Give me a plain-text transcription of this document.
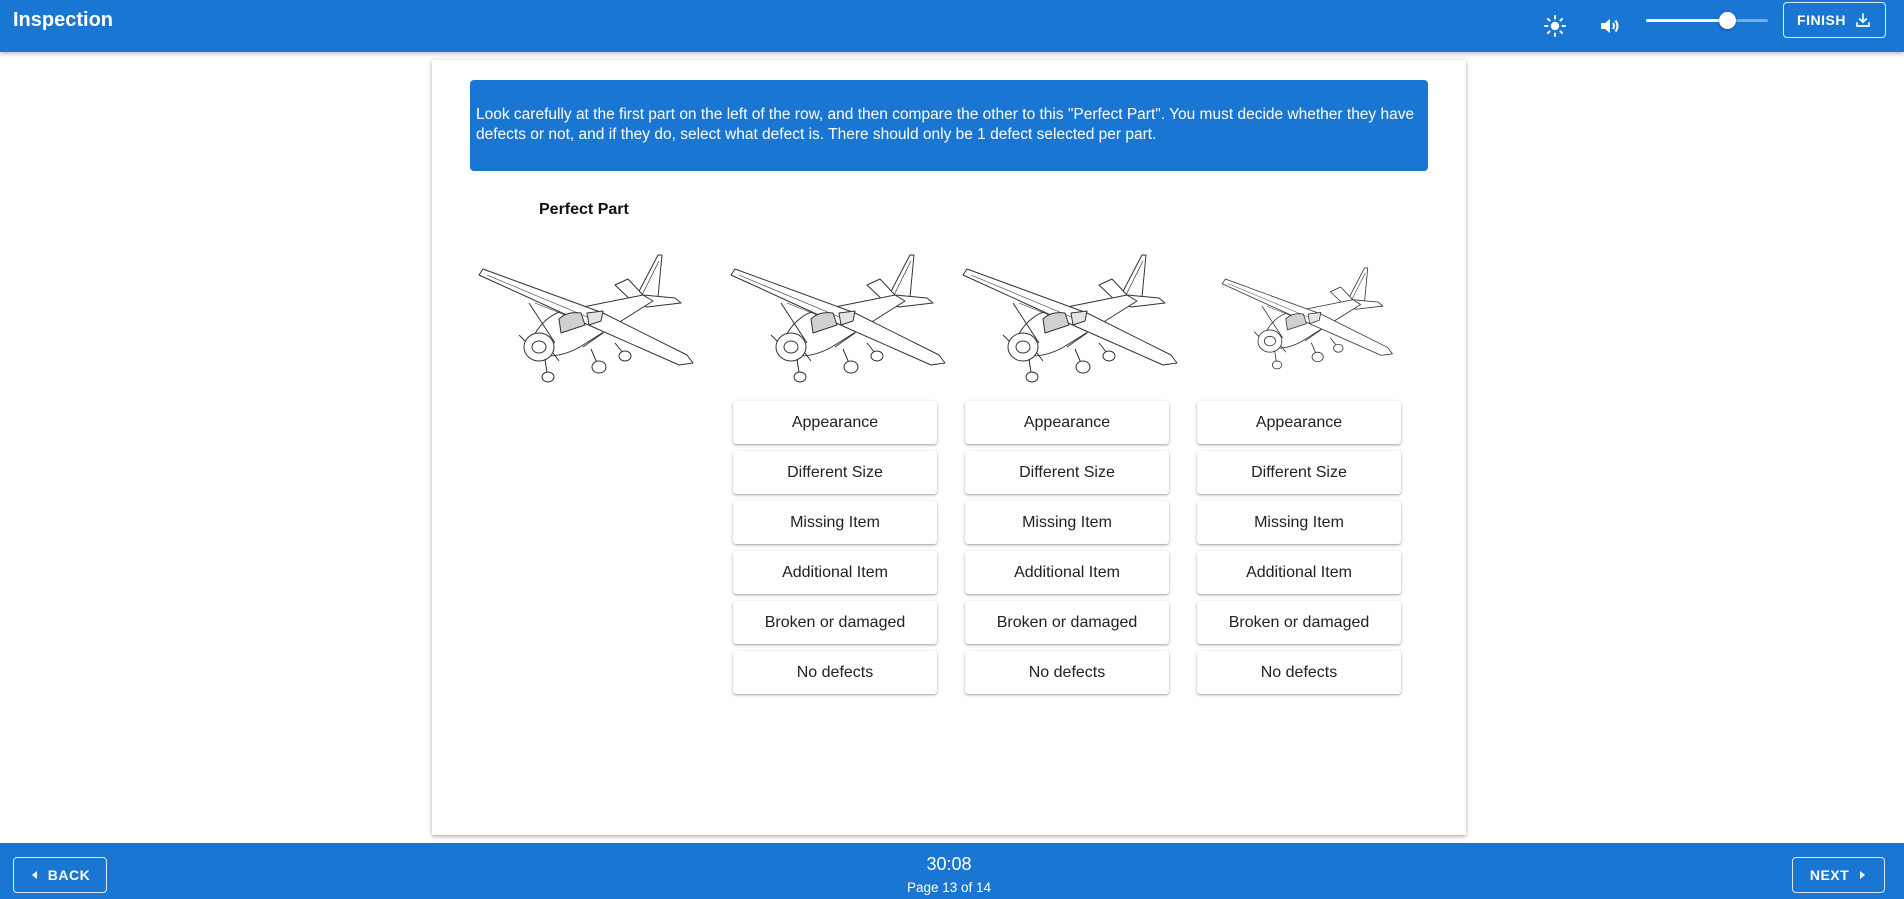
Inspection	FINISH
Look carefully at the first part on the left of the row, and then compare the other to this "Perfect Part". You must decide whether they have defects or not, and if they do, select what defect is. There should only be 1 defect selected per part.
Perfect Part
Appearance
Different Size
Missing Item
Additional Item
Broken or damaged
No defects
Appearance
Different Size
Missing Item
Additional Item
Broken or damaged
No defects
Appearance
Different Size
Missing Item
Additional Item
Broken or damaged
No defects
BACK
30:08
Page 13 of 14
NEXT
